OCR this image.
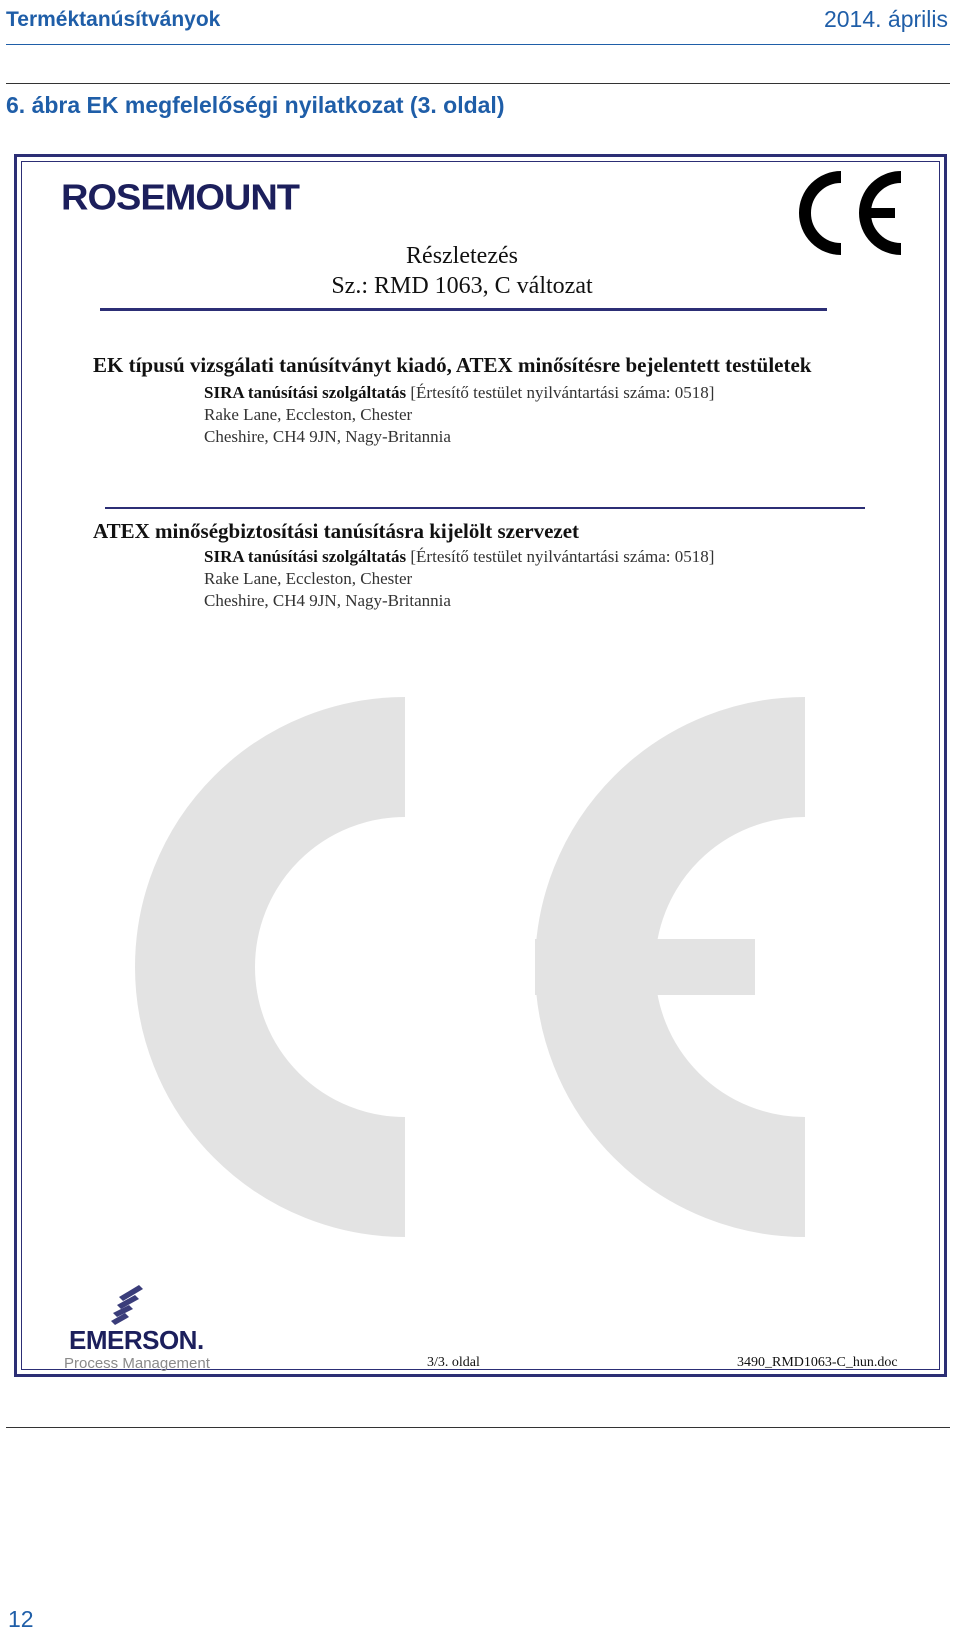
Terméktanúsítványok	2014. április
6. ábra EK megfelelőségi nyilatkozat (3. oldal)
ROSEMOUNT
Részletezés
Sz.: RMD 1063, C változat
EK típusú vizsgálati tanúsítványt kiadó, ATEX minősítésre bejelentett testületek
SIRA tanúsítási szolgáltatás [Értesítő testület nyilvántartási száma: 0518]
Rake Lane, Eccleston, Chester
Cheshire, CH4 9JN, Nagy-Britannia
ATEX minőségbiztosítási tanúsításra kijelölt szervezet
SIRA tanúsítási szolgáltatás [Értesítő testület nyilvántartási száma: 0518]
Rake Lane, Eccleston, Chester
Cheshire, CH4 9JN, Nagy-Britannia
EMERSON.
Process Management	3/3. oldal	3490_RMD1063-C_hun.doc
12
